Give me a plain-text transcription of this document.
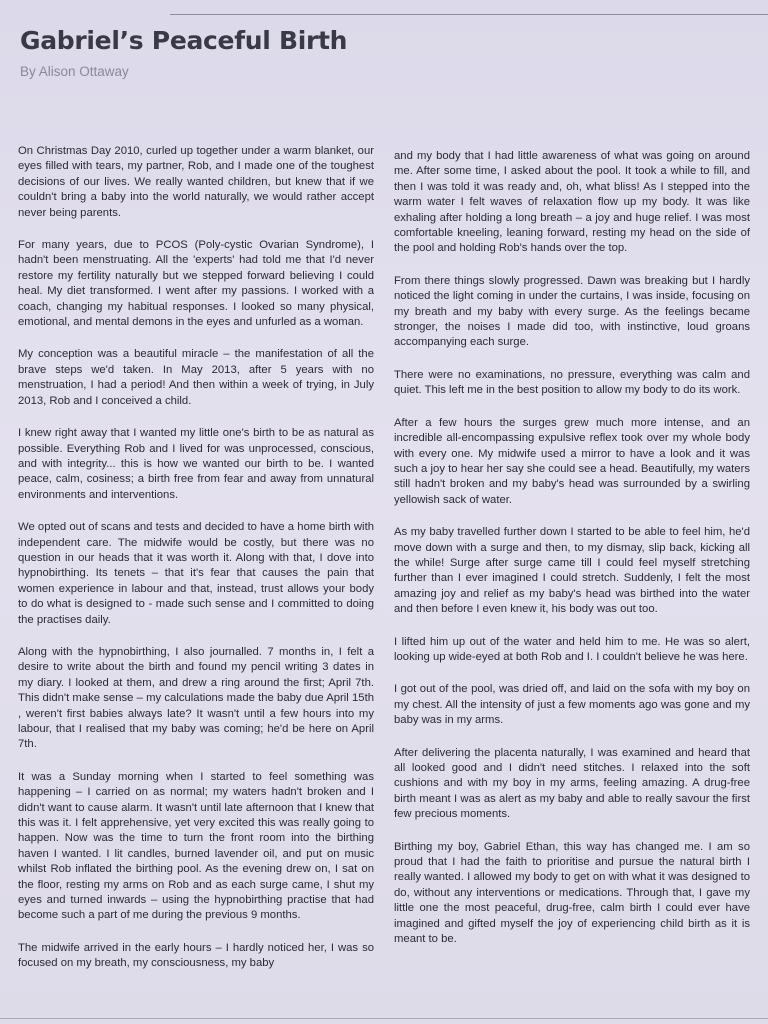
Gabriel’s Peaceful Birth
By Alison Ottaway

On Christmas Day 2010, curled up together under a warm blanket, our eyes filled with tears, my partner, Rob, and I made one of the toughest decisions of our lives. We really wanted children, but knew that if we couldn't bring a baby into the world naturally, we would rather accept never being parents.

For many years, due to PCOS (Poly-cystic Ovarian Syndrome), I hadn't been menstruating. All the 'experts' had told me that I'd never restore my fertility naturally but we stepped forward believing I could heal. My diet transformed. I went after my passions. I worked with a coach, changing my habitual responses. I looked so many physical, emotional, and mental demons in the eyes and unfurled as a woman.

My conception was a beautiful miracle – the manifestation of all the brave steps we'd taken. In May 2013, after 5 years with no menstruation, I had a period! And then within a week of trying, in July 2013, Rob and I conceived a child.

I knew right away that I wanted my little one's birth to be as natural as possible. Everything Rob and I lived for was unprocessed, conscious, and with integrity... this is how we wanted our birth to be. I wanted peace, calm, cosiness; a birth free from fear and away from unnatural environments and interventions.

We opted out of scans and tests and decided to have a home birth with independent care. The midwife would be costly, but there was no question in our heads that it was worth it. Along with that, I dove into hypnobirthing. Its tenets – that it's fear that causes the pain that women experience in labour and that, instead, trust allows your body to do what is designed to - made such sense and I committed to doing the practises daily.

Along with the hypnobirthing, I also journalled. 7 months in, I felt a desire to write about the birth and found my pencil writing 3 dates in my diary. I looked at them, and drew a ring around the first; April 7th. This didn't make sense – my calculations made the baby due April 15th , weren't first babies always late? It wasn't until a few hours into my labour, that I realised that my baby was coming; he'd be here on April 7th.

It was a Sunday morning when I started to feel something was happening – I carried on as normal; my waters hadn't broken and I didn't want to cause alarm. It wasn't until late afternoon that I knew that this was it. I felt apprehensive, yet very excited this was really going to happen. Now was the time to turn the front room into the birthing haven I wanted. I lit candles, burned lavender oil, and put on music whilst Rob inflated the birthing pool. As the evening drew on, I sat on the floor, resting my arms on Rob and as each surge came, I shut my eyes and turned inwards – using the hypnobirthing practise that had become such a part of me during the previous 9 months.

The midwife arrived in the early hours – I hardly noticed her, I was so focused on my breath, my consciousness, my baby

and my body that I had little awareness of what was going on around me. After some time, I asked about the pool. It took a while to fill, and then I was told it was ready and, oh, what bliss! As I stepped into the warm water I felt waves of relaxation flow up my body. It was like exhaling after holding a long breath – a joy and huge relief. I was most comfortable kneeling, leaning forward, resting my head on the side of the pool and holding Rob's hands over the top.

From there things slowly progressed. Dawn was breaking but I hardly noticed the light coming in under the curtains, I was inside, focusing on my breath and my baby with every surge. As the feelings became stronger, the noises I made did too, with instinctive, loud groans accompanying each surge.

There were no examinations, no pressure, everything was calm and quiet. This left me in the best position to allow my body to do its work.

After a few hours the surges grew much more intense, and an incredible all-encompassing expulsive reflex took over my whole body with every one. My midwife used a mirror to have a look and it was such a joy to hear her say she could see a head. Beautifully, my waters still hadn't broken and my baby's head was surrounded by a swirling yellowish sack of water.

As my baby travelled further down I started to be able to feel him, he'd move down with a surge and then, to my dismay, slip back, kicking all the while! Surge after surge came till I could feel myself stretching further than I ever imagined I could stretch. Suddenly, I felt the most amazing joy and relief as my baby's head was birthed into the water and then before I even knew it, his body was out too.

I lifted him up out of the water and held him to me. He was so alert, looking up wide-eyed at both Rob and I. I couldn't believe he was here.

I got out of the pool, was dried off, and laid on the sofa with my boy on my chest. All the intensity of just a few moments ago was gone and my baby was in my arms.

After delivering the placenta naturally, I was examined and heard that all looked good and I didn't need stitches. I relaxed into the soft cushions and with my boy in my arms, feeling amazing. A drug-free birth meant I was as alert as my baby and able to really savour the first few precious moments.

Birthing my boy, Gabriel Ethan, this way has changed me. I am so proud that I had the faith to prioritise and pursue the natural birth I really wanted. I allowed my body to get on with what it was designed to do, without any interventions or medications. Through that, I gave my little one the most peaceful, drug-free, calm birth I could ever have imagined and gifted myself the joy of experiencing child birth as it is meant to be.
